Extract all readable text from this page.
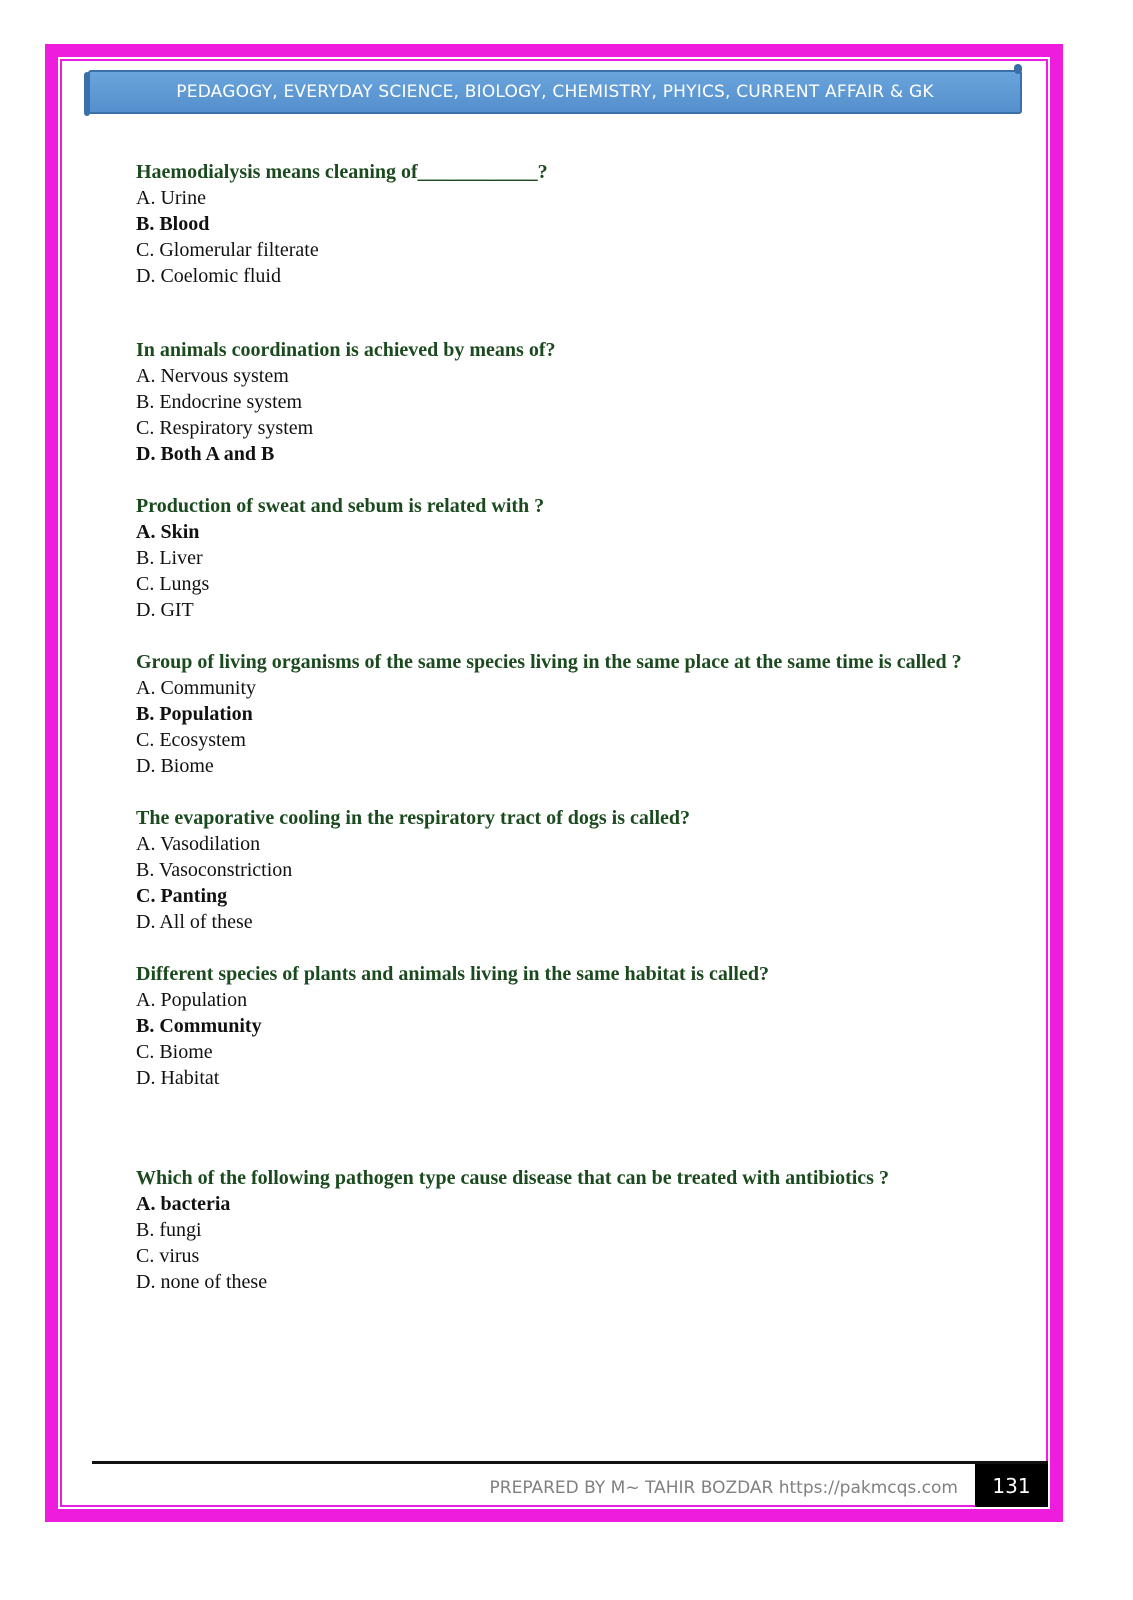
PEDAGOGY, EVERYDAY SCIENCE, BIOLOGY, CHEMISTRY, PHYICS, CURRENT AFFAIR & GK

Haemodialysis means cleaning of____________?

A. Urine

B. Blood

C. Glomerular filterate

D. Coelomic fluid

In animals coordination is achieved by means of?

A. Nervous system

B. Endocrine system

C. Respiratory system

D. Both A and B

Production of sweat and sebum is related with ?

A. Skin

B. Liver

C. Lungs

D. GIT

Group of living organisms of the same species living in the same place at the same time is called ?

A. Community

B. Population

C. Ecosystem

D. Biome

The evaporative cooling in the respiratory tract of dogs is called?

A. Vasodilation

B. Vasoconstriction

C. Panting

D. All of these

Different species of plants and animals living in the same habitat is called?

A. Population

B. Community

C. Biome

D. Habitat

Which of the following pathogen type cause disease that can be treated with antibiotics ?

A. bacteria

B. fungi

C. virus

D. none of these

PREPARED BY M~ TAHIR BOZDAR https://pakmcqs.com 131
